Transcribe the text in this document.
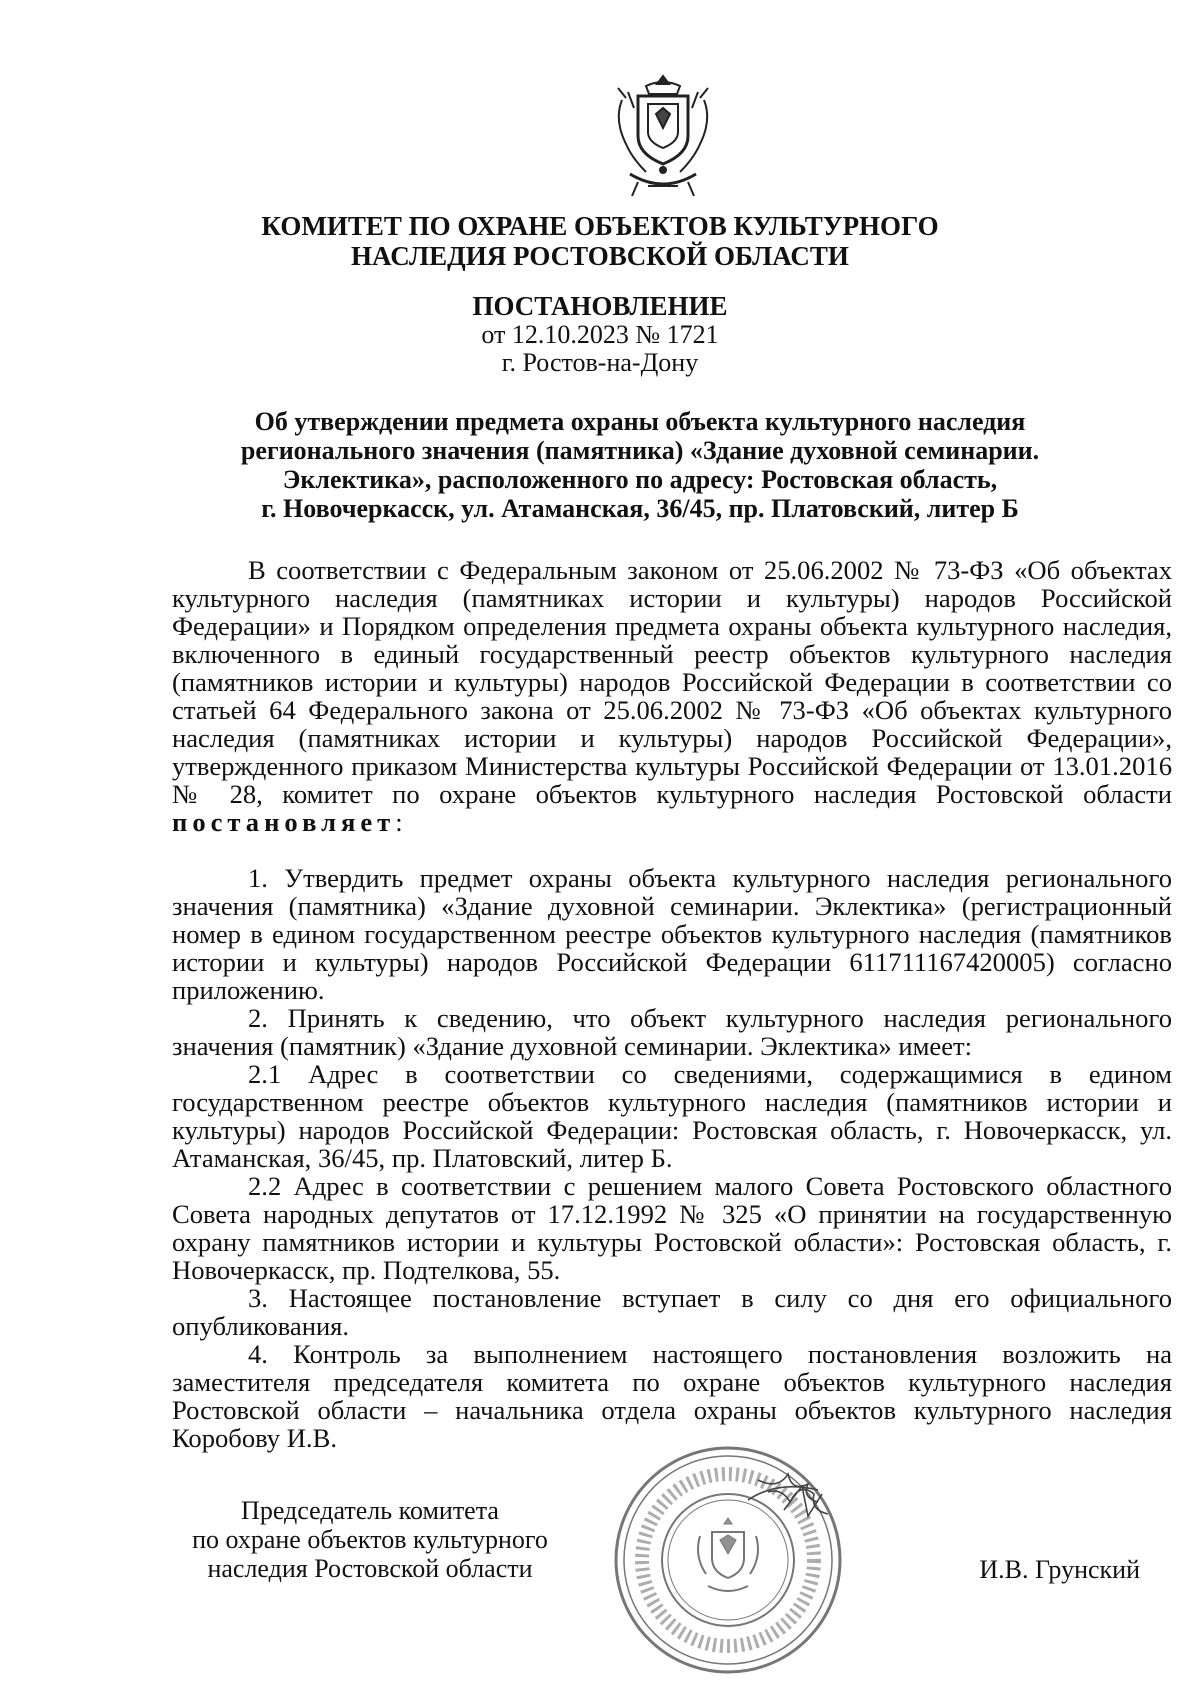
КОМИТЕТ ПО ОХРАНЕ ОБЪЕКТОВ КУЛЬТУРНОГО
НАСЛЕДИЯ РОСТОВСКОЙ ОБЛАСТИ
ПОСТАНОВЛЕНИЕ
от 12.10.2023 № 1721
г. Ростов-на-Дону
Об утверждении предмета охраны объекта культурного наследия
регионального значения (памятника) «Здание духовной семинарии.
Эклектика», расположенного по адресу: Ростовская область,
г. Новочеркасск, ул. Атаманская, 36/45, пр. Платовский, литер Б

В соответствии с Федеральным законом от 25.06.2002 № 73-ФЗ «Об объектах культурного наследия (памятниках истории и культуры) народов Российской Федерации» и Порядком определения предмета охраны объекта культурного наследия, включенного в единый государственный реестр объектов культурного наследия (памятников истории и культуры) народов Российской Федерации в соответствии со статьей 64 Федерального закона от 25.06.2002 № 73-ФЗ «Об объектах культурного наследия (памятниках истории и культуры) народов Российской Федерации», утвержденного приказом Министерства культуры Российской Федерации от 13.01.2016 № 28, комитет по охране объектов культурного наследия Ростовской области постановляет:

1. Утвердить предмет охраны объекта культурного наследия регионального значения (памятника) «Здание духовной семинарии. Эклектика» (регистрационный номер в едином государственном реестре объектов культурного наследия (памятников истории и культуры) народов Российской Федерации 611711167420005) согласно приложению.

2. Принять к сведению, что объект культурного наследия регионального значения (памятник) «Здание духовной семинарии. Эклектика» имеет:

2.1 Адрес в соответствии со сведениями, содержащимися в едином государственном реестре объектов культурного наследия (памятников истории и культуры) народов Российской Федерации: Ростовская область, г. Новочеркасск, ул. Атаманская, 36/45, пр. Платовский, литер Б.

2.2 Адрес в соответствии с решением малого Совета Ростовского областного Совета народных депутатов от 17.12.1992 № 325 «О принятии на государственную охрану памятников истории и культуры Ростовской области»: Ростовская область, г. Новочеркасск, пр. Подтелкова, 55.

3. Настоящее постановление вступает в силу со дня его официального опубликования.

4. Контроль за выполнением настоящего постановления возложить на заместителя председателя комитета по охране объектов культурного наследия Ростовской области – начальника отдела охраны объектов культурного наследия Коробову И.В.

Председатель комитета
по охране объектов культурного
наследия Ростовской области	И.В. Грунский
